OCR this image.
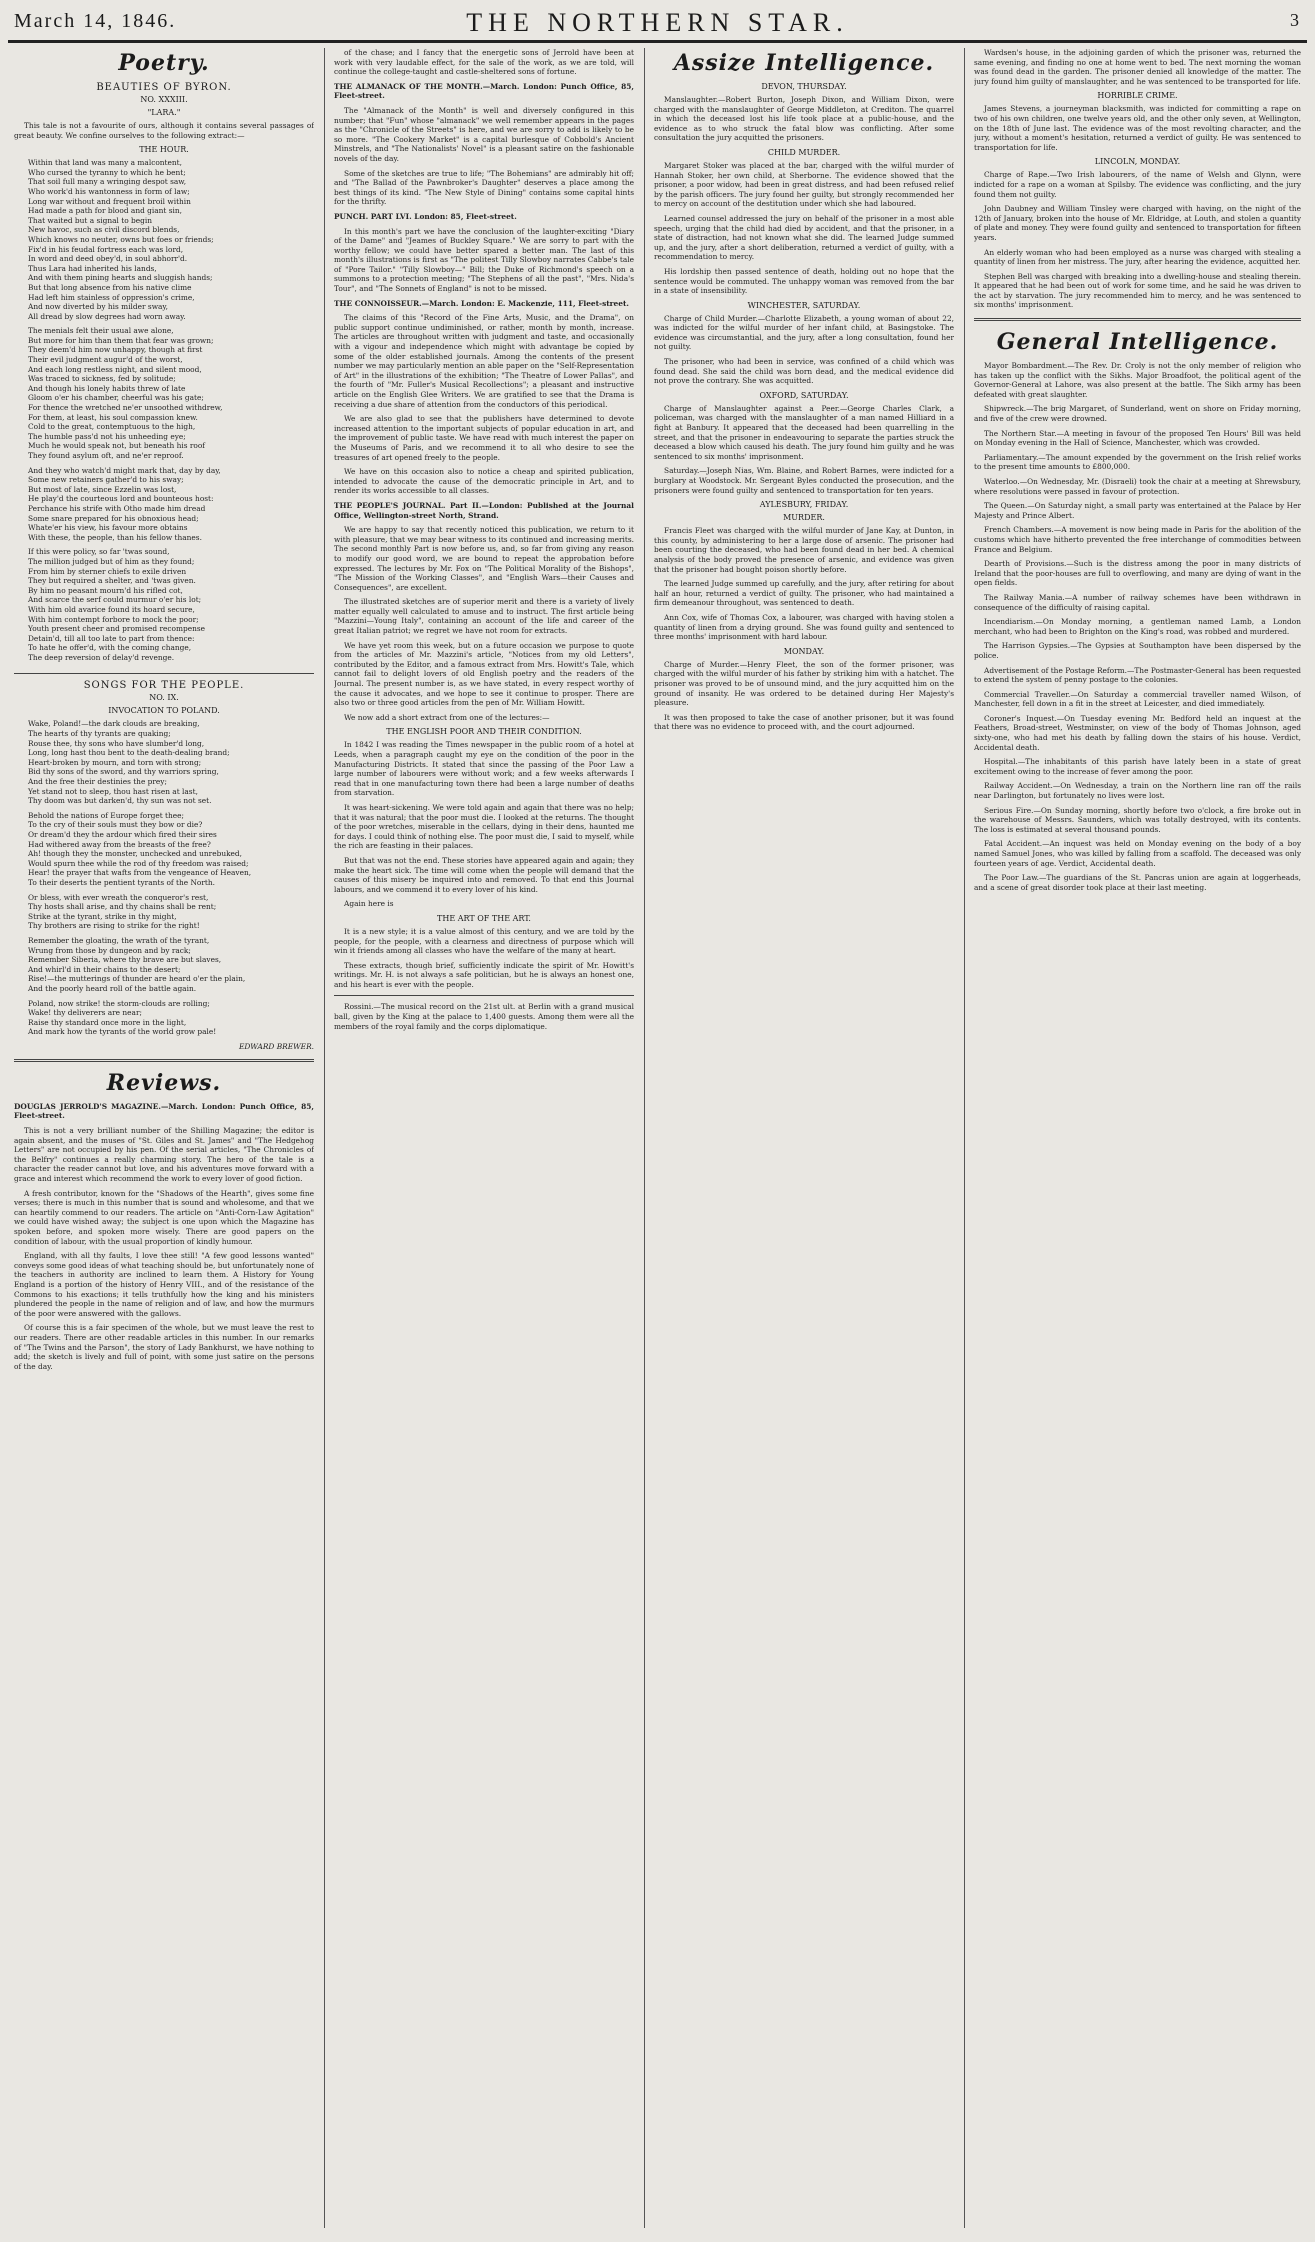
March 14, 1846.	THE NORTHERN STAR.	3
Poetry.
BEAUTIES OF BYRON.
NO. XXXIII.
"LARA."

This tale is not a favourite of ours, although it contains several passages of great beauty. We confine ourselves to the following extract:—

THE HOUR.

Within that land was many a malcontent,

Who cursed the tyranny to which he bent;

That soil full many a wringing despot saw,

Who work'd his wantonness in form of law;

Long war without and frequent broil within

Had made a path for blood and giant sin,

That waited but a signal to begin

New havoc, such as civil discord blends,

Which knows no neuter, owns but foes or friends;

Fix'd in his feudal fortress each was lord,

In word and deed obey'd, in soul abhorr'd.

Thus Lara had inherited his lands,

And with them pining hearts and sluggish hands;

But that long absence from his native clime

Had left him stainless of oppression's crime,

And now diverted by his milder sway,

All dread by slow degrees had worn away.

The menials felt their usual awe alone,

But more for him than them that fear was grown;

They deem'd him now unhappy, though at first

Their evil judgment augur'd of the worst,

And each long restless night, and silent mood,

Was traced to sickness, fed by solitude;

And though his lonely habits threw of late

Gloom o'er his chamber, cheerful was his gate;

For thence the wretched ne'er unsoothed withdrew,

For them, at least, his soul compassion knew.

Cold to the great, contemptuous to the high,

The humble pass'd not his unheeding eye;

Much he would speak not, but beneath his roof

They found asylum oft, and ne'er reproof.

And they who watch'd might mark that, day by day,

Some new retainers gather'd to his sway;

But most of late, since Ezzelin was lost,

He play'd the courteous lord and bounteous host:

Perchance his strife with Otho made him dread

Some snare prepared for his obnoxious head;

Whate'er his view, his favour more obtains

With these, the people, than his fellow thanes.

If this were policy, so far 'twas sound,

The million judged but of him as they found;

From him by sterner chiefs to exile driven

They but required a shelter, and 'twas given.

By him no peasant mourn'd his rifled cot,

And scarce the serf could murmur o'er his lot;

With him old avarice found its hoard secure,

With him contempt forbore to mock the poor;

Youth present cheer and promised recompense

Detain'd, till all too late to part from thence:

To hate he offer'd, with the coming change,

The deep reversion of delay'd revenge.

SONGS FOR THE PEOPLE.
NO. IX.
INVOCATION TO POLAND.

Wake, Poland!—the dark clouds are breaking,

The hearts of thy tyrants are quaking;

Rouse thee, thy sons who have slumber'd long,

Long, long hast thou bent to the death-dealing brand;

Heart-broken by mourn, and torn with strong;

Bid thy sons of the sword, and thy warriors spring,

And the free their destinies the prey;

Yet stand not to sleep, thou hast risen at last,

Thy doom was but darken'd, thy sun was not set.

Behold the nations of Europe forget thee;

To the cry of their souls must they bow or die?

Or dream'd they the ardour which fired their sires

Had withered away from the breasts of the free?

Ah! though they the monster, unchecked and unrebuked,

Would spurn thee while the rod of thy freedom was raised;

Hear! the prayer that wafts from the vengeance of Heaven,

To their deserts the pentient tyrants of the North.

Or bless, with ever wreath the conqueror's rest,

Thy hosts shall arise, and thy chains shall be rent;

Strike at the tyrant, strike in thy might,

Thy brothers are rising to strike for the right!

Remember the gloating, the wrath of the tyrant,

Wrung from those by dungeon and by rack;

Remember Siberia, where thy brave are but slaves,

And whirl'd in their chains to the desert;

Rise!—the mutterings of thunder are heard o'er the plain,

And the poorly heard roll of the battle again.

Poland, now strike! the storm-clouds are rolling;

Wake! thy deliverers are near;

Raise thy standard once more in the light,

And mark how the tyrants of the world grow pale!

EDWARD BREWER.
Reviews.

DOUGLAS JERROLD'S MAGAZINE.—March. London: Punch Office, 85, Fleet-street.

This is not a very brilliant number of the Shilling Magazine; the editor is again absent, and the muses of "St. Giles and St. James" and "The Hedgehog Letters" are not occupied by his pen. Of the serial articles, "The Chronicles of the Belfry" continues a really charming story. The hero of the tale is a character the reader cannot but love, and his adventures move forward with a grace and interest which recommend the work to every lover of good fiction.

A fresh contributor, known for the "Shadows of the Hearth", gives some fine verses; there is much in this number that is sound and wholesome, and that we can heartily commend to our readers. The article on "Anti-Corn-Law Agitation" we could have wished away; the subject is one upon which the Magazine has spoken before, and spoken more wisely. There are good papers on the condition of labour, with the usual proportion of kindly humour.

England, with all thy faults, I love thee still! "A few good lessons wanted" conveys some good ideas of what teaching should be, but unfortunately none of the teachers in authority are inclined to learn them. A History for Young England is a portion of the history of Henry VIII., and of the resistance of the Commons to his exactions; it tells truthfully how the king and his ministers plundered the people in the name of religion and of law, and how the murmurs of the poor were answered with the gallows.

Of course this is a fair specimen of the whole, but we must leave the rest to our readers. There are other readable articles in this number. In our remarks of "The Twins and the Parson", the story of Lady Bankhurst, we have nothing to add; the sketch is lively and full of point, with some just satire on the persons of the day.

of the chase; and I fancy that the energetic sons of Jerrold have been at work with very laudable effect, for the sale of the work, as we are told, will continue the college-taught and castle-sheltered sons of fortune.

THE ALMANACK OF THE MONTH.—March. London: Punch Office, 85, Fleet-street.

The "Almanack of the Month" is well and diversely configured in this number; that "Fun" whose "almanack" we well remember appears in the pages as the "Chronicle of the Streets" is here, and we are sorry to add is likely to be so more. "The Cookery Market" is a capital burlesque of Cobbold's Ancient Minstrels, and "The Nationalists' Novel" is a pleasant satire on the fashionable novels of the day.

Some of the sketches are true to life; "The Bohemians" are admirably hit off; and "The Ballad of the Pawnbroker's Daughter" deserves a place among the best things of its kind. "The New Style of Dining" contains some capital hints for the thrifty.

PUNCH. PART LVI. London: 85, Fleet-street.

In this month's part we have the conclusion of the laughter-exciting "Diary of the Dame" and "Jeames of Buckley Square." We are sorry to part with the worthy fellow; we could have better spared a better man. The last of this month's illustrations is first as "The politest Tilly Slowboy narrates Cabbe's tale of "Pore Tailor." "Tilly Slowboy—" Bill; the Duke of Richmond's speech on a summons to a protection meeting; "The Stephens of all the past", "Mrs. Nida's Tour", and "The Sonnets of England" is not to be missed.

THE CONNOISSEUR.—March. London: E. Mackenzie, 111, Fleet-street.

The claims of this "Record of the Fine Arts, Music, and the Drama", on public support continue undiminished, or rather, month by month, increase. The articles are throughout written with judgment and taste, and occasionally with a vigour and independence which might with advantage be copied by some of the older established journals. Among the contents of the present number we may particularly mention an able paper on the "Self-Representation of Art" in the illustrations of the exhibition; "The Theatre of Lower Pallas", and the fourth of "Mr. Fuller's Musical Recollections"; a pleasant and instructive article on the English Glee Writers. We are gratified to see that the Drama is receiving a due share of attention from the conductors of this periodical.

We are also glad to see that the publishers have determined to devote increased attention to the important subjects of popular education in art, and the improvement of public taste. We have read with much interest the paper on the Museums of Paris, and we recommend it to all who desire to see the treasures of art opened freely to the people.

We have on this occasion also to notice a cheap and spirited publication, intended to advocate the cause of the democratic principle in Art, and to render its works accessible to all classes.

THE PEOPLE'S JOURNAL. Part II.—London: Published at the Journal Office, Wellington-street North, Strand.

We are happy to say that recently noticed this publication, we return to it with pleasure, that we may bear witness to its continued and increasing merits. The second monthly Part is now before us, and, so far from giving any reason to modify our good word, we are bound to repeat the approbation before expressed. The lectures by Mr. Fox on "The Political Morality of the Bishops", "The Mission of the Working Classes", and "English Wars—their Causes and Consequences", are excellent.

The illustrated sketches are of superior merit and there is a variety of lively matter equally well calculated to amuse and to instruct. The first article being "Mazzini—Young Italy", containing an account of the life and career of the great Italian patriot; we regret we have not room for extracts.

We have yet room this week, but on a future occasion we purpose to quote from the articles of Mr. Mazzini's article, "Notices from my old Letters", contributed by the Editor, and a famous extract from Mrs. Howitt's Tale, which cannot fail to delight lovers of old English poetry and the readers of the Journal. The present number is, as we have stated, in every respect worthy of the cause it advocates, and we hope to see it continue to prosper. There are also two or three good articles from the pen of Mr. William Howitt.

We now add a short extract from one of the lectures:—

THE ENGLISH POOR AND THEIR CONDITION.

In 1842 I was reading the Times newspaper in the public room of a hotel at Leeds, when a paragraph caught my eye on the condition of the poor in the Manufacturing Districts. It stated that since the passing of the Poor Law a large number of labourers were without work; and a few weeks afterwards I read that in one manufacturing town there had been a large number of deaths from starvation.

It was heart-sickening. We were told again and again that there was no help; that it was natural; that the poor must die. I looked at the returns. The thought of the poor wretches, miserable in the cellars, dying in their dens, haunted me for days. I could think of nothing else. The poor must die, I said to myself, while the rich are feasting in their palaces.

But that was not the end. These stories have appeared again and again; they make the heart sick. The time will come when the people will demand that the causes of this misery be inquired into and removed. To that end this Journal labours, and we commend it to every lover of his kind.

Again here is

THE ART OF THE ART.

It is a new style; it is a value almost of this century, and we are told by the people, for the people, with a clearness and directness of purpose which will win it friends among all classes who have the welfare of the many at heart.

These extracts, though brief, sufficiently indicate the spirit of Mr. Howitt's writings. Mr. H. is not always a safe politician, but he is always an honest one, and his heart is ever with the people.

Rossini.—The musical record on the 21st ult. at Berlin with a grand musical ball, given by the King at the palace to 1,400 guests. Among them were all the members of the royal family and the corps diplomatique.

Assize Intelligence.
DEVON, THURSDAY.

Manslaughter.—Robert Burton, Joseph Dixon, and William Dixon, were charged with the manslaughter of George Middleton, at Crediton. The quarrel in which the deceased lost his life took place at a public-house, and the evidence as to who struck the fatal blow was conflicting. After some consultation the jury acquitted the prisoners.

CHILD MURDER.

Margaret Stoker was placed at the bar, charged with the wilful murder of Hannah Stoker, her own child, at Sherborne. The evidence showed that the prisoner, a poor widow, had been in great distress, and had been refused relief by the parish officers. The jury found her guilty, but strongly recommended her to mercy on account of the destitution under which she had laboured.

Learned counsel addressed the jury on behalf of the prisoner in a most able speech, urging that the child had died by accident, and that the prisoner, in a state of distraction, had not known what she did. The learned Judge summed up, and the jury, after a short deliberation, returned a verdict of guilty, with a recommendation to mercy.

His lordship then passed sentence of death, holding out no hope that the sentence would be commuted. The unhappy woman was removed from the bar in a state of insensibility.

WINCHESTER, SATURDAY.

Charge of Child Murder.—Charlotte Elizabeth, a young woman of about 22, was indicted for the wilful murder of her infant child, at Basingstoke. The evidence was circumstantial, and the jury, after a long consultation, found her not guilty.

The prisoner, who had been in service, was confined of a child which was found dead. She said the child was born dead, and the medical evidence did not prove the contrary. She was acquitted.

OXFORD, SATURDAY.

Charge of Manslaughter against a Peer.—George Charles Clark, a policeman, was charged with the manslaughter of a man named Hilliard in a fight at Banbury. It appeared that the deceased had been quarrelling in the street, and that the prisoner in endeavouring to separate the parties struck the deceased a blow which caused his death. The jury found him guilty and he was sentenced to six months' imprisonment.

Saturday.—Joseph Nias, Wm. Blaine, and Robert Barnes, were indicted for a burglary at Woodstock. Mr. Sergeant Byles conducted the prosecution, and the prisoners were found guilty and sentenced to transportation for ten years.

AYLESBURY, FRIDAY.
MURDER.

Francis Fleet was charged with the wilful murder of Jane Kay, at Dunton, in this county, by administering to her a large dose of arsenic. The prisoner had been courting the deceased, who had been found dead in her bed. A chemical analysis of the body proved the presence of arsenic, and evidence was given that the prisoner had bought poison shortly before.

The learned Judge summed up carefully, and the jury, after retiring for about half an hour, returned a verdict of guilty. The prisoner, who had maintained a firm demeanour throughout, was sentenced to death.

Ann Cox, wife of Thomas Cox, a labourer, was charged with having stolen a quantity of linen from a drying ground. She was found guilty and sentenced to three months' imprisonment with hard labour.

MONDAY.

Charge of Murder.—Henry Fleet, the son of the former prisoner, was charged with the wilful murder of his father by striking him with a hatchet. The prisoner was proved to be of unsound mind, and the jury acquitted him on the ground of insanity. He was ordered to be detained during Her Majesty's pleasure.

It was then proposed to take the case of another prisoner, but it was found that there was no evidence to proceed with, and the court adjourned.

Wardsen's house, in the adjoining garden of which the prisoner was, returned the same evening, and finding no one at home went to bed. The next morning the woman was found dead in the garden. The prisoner denied all knowledge of the matter. The jury found him guilty of manslaughter, and he was sentenced to be transported for life.

HORRIBLE CRIME.

James Stevens, a journeyman blacksmith, was indicted for committing a rape on two of his own children, one twelve years old, and the other only seven, at Wellington, on the 18th of June last. The evidence was of the most revolting character, and the jury, without a moment's hesitation, returned a verdict of guilty. He was sentenced to transportation for life.

LINCOLN, MONDAY.

Charge of Rape.—Two Irish labourers, of the name of Welsh and Glynn, were indicted for a rape on a woman at Spilsby. The evidence was conflicting, and the jury found them not guilty.

John Daubney and William Tinsley were charged with having, on the night of the 12th of January, broken into the house of Mr. Eldridge, at Louth, and stolen a quantity of plate and money. They were found guilty and sentenced to transportation for fifteen years.

An elderly woman who had been employed as a nurse was charged with stealing a quantity of linen from her mistress. The jury, after hearing the evidence, acquitted her.

Stephen Bell was charged with breaking into a dwelling-house and stealing therein. It appeared that he had been out of work for some time, and he said he was driven to the act by starvation. The jury recommended him to mercy, and he was sentenced to six months' imprisonment.

General Intelligence.

Mayor Bombardment.—The Rev. Dr. Croly is not the only member of religion who has taken up the conflict with the Sikhs. Major Broadfoot, the political agent of the Governor-General at Lahore, was also present at the battle. The Sikh army has been defeated with great slaughter.

Shipwreck.—The brig Margaret, of Sunderland, went on shore on Friday morning, and five of the crew were drowned.

The Northern Star.—A meeting in favour of the proposed Ten Hours' Bill was held on Monday evening in the Hall of Science, Manchester, which was crowded.

Parliamentary.—The amount expended by the government on the Irish relief works to the present time amounts to £800,000.

Waterloo.—On Wednesday, Mr. (Disraeli) took the chair at a meeting at Shrewsbury, where resolutions were passed in favour of protection.

The Queen.—On Saturday night, a small party was entertained at the Palace by Her Majesty and Prince Albert.

French Chambers.—A movement is now being made in Paris for the abolition of the customs which have hitherto prevented the free interchange of commodities between France and Belgium.

Dearth of Provisions.—Such is the distress among the poor in many districts of Ireland that the poor-houses are full to overflowing, and many are dying of want in the open fields.

The Railway Mania.—A number of railway schemes have been withdrawn in consequence of the difficulty of raising capital.

Incendiarism.—On Monday morning, a gentleman named Lamb, a London merchant, who had been to Brighton on the King's road, was robbed and murdered.

The Harrison Gypsies.—The Gypsies at Southampton have been dispersed by the police.

Advertisement of the Postage Reform.—The Postmaster-General has been requested to extend the system of penny postage to the colonies.

Commercial Traveller.—On Saturday a commercial traveller named Wilson, of Manchester, fell down in a fit in the street at Leicester, and died immediately.

Coroner's Inquest.—On Tuesday evening Mr. Bedford held an inquest at the Feathers, Broad-street, Westminster, on view of the body of Thomas Johnson, aged sixty-one, who had met his death by falling down the stairs of his house. Verdict, Accidental death.

Hospital.—The inhabitants of this parish have lately been in a state of great excitement owing to the increase of fever among the poor.

Railway Accident.—On Wednesday, a train on the Northern line ran off the rails near Darlington, but fortunately no lives were lost.

Serious Fire.—On Sunday morning, shortly before two o'clock, a fire broke out in the warehouse of Messrs. Saunders, which was totally destroyed, with its contents. The loss is estimated at several thousand pounds.

Fatal Accident.—An inquest was held on Monday evening on the body of a boy named Samuel Jones, who was killed by falling from a scaffold. The deceased was only fourteen years of age. Verdict, Accidental death.

The Poor Law.—The guardians of the St. Pancras union are again at loggerheads, and a scene of great disorder took place at their last meeting.
